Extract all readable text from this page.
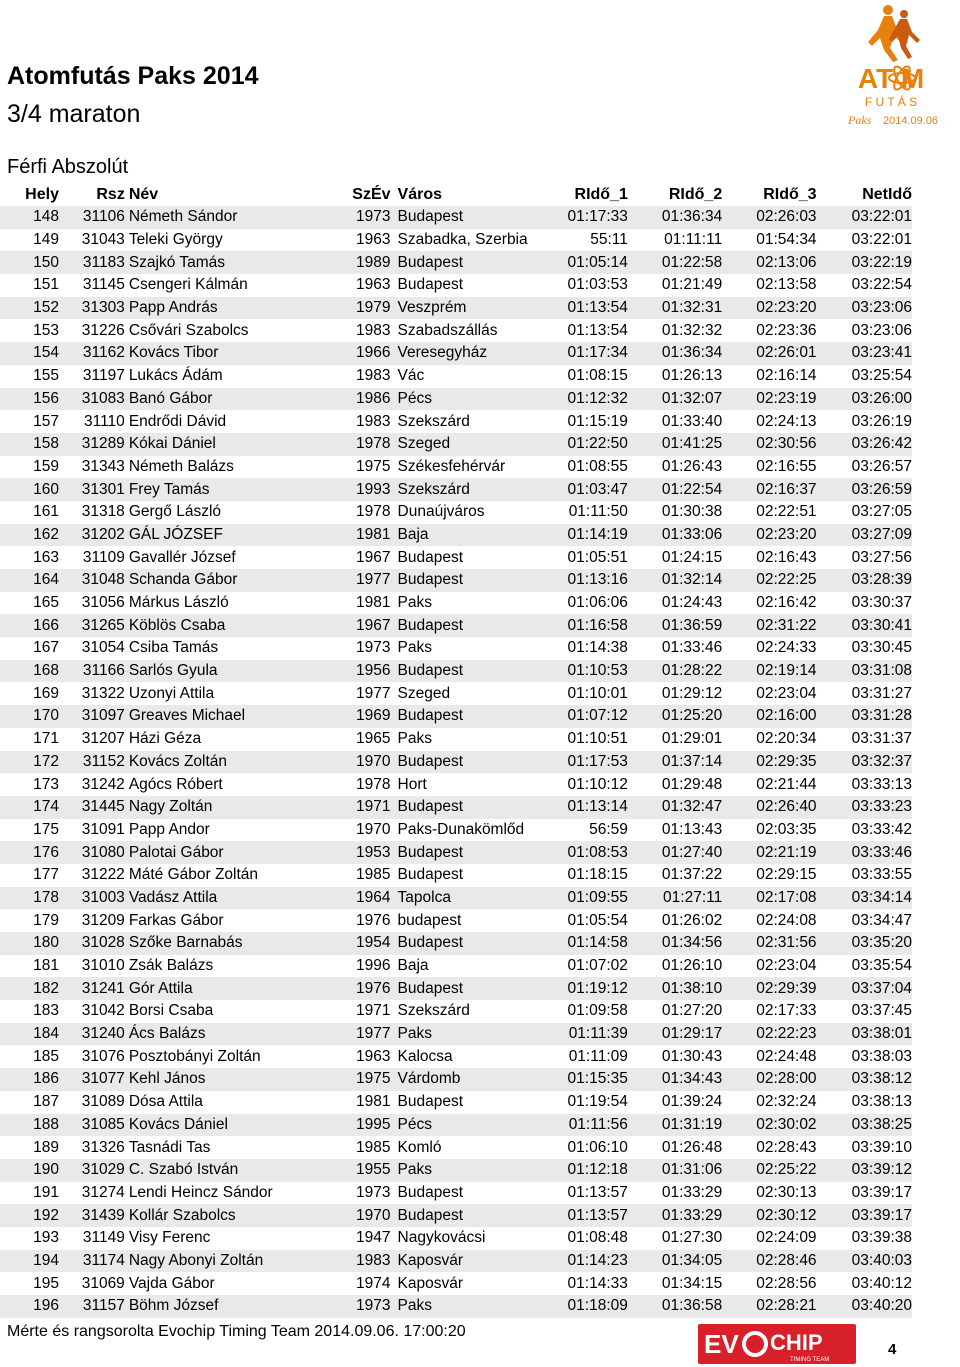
Atomfutás Paks 2014
3/4 maraton
Férfi Abszolút
AT M
F U T Á S
Paks 2014.09.06
Hely	Rsz	Név	SzÉv	Város	RIdő_1	RIdő_2	RIdő_3	NetIdő
148	31106	Németh Sándor	1973	Budapest	01:17:33	01:36:34	02:26:03	03:22:01
149	31043	Teleki György	1963	Szabadka, Szerbia	55:11	01:11:11	01:54:34	03:22:01
150	31183	Szajkó Tamás	1989	Budapest	01:05:14	01:22:58	02:13:06	03:22:19
151	31145	Csengeri Kálmán	1963	Budapest	01:03:53	01:21:49	02:13:58	03:22:54
152	31303	Papp András	1979	Veszprém	01:13:54	01:32:31	02:23:20	03:23:06
153	31226	Csővári Szabolcs	1983	Szabadszállás	01:13:54	01:32:32	02:23:36	03:23:06
154	31162	Kovács Tibor	1966	Veresegyház	01:17:34	01:36:34	02:26:01	03:23:41
155	31197	Lukács Ádám	1983	Vác	01:08:15	01:26:13	02:16:14	03:25:54
156	31083	Banó Gábor	1986	Pécs	01:12:32	01:32:07	02:23:19	03:26:00
157	31110	Endrődi Dávid	1983	Szekszárd	01:15:19	01:33:40	02:24:13	03:26:19
158	31289	Kókai Dániel	1978	Szeged	01:22:50	01:41:25	02:30:56	03:26:42
159	31343	Németh Balázs	1975	Székesfehérvár	01:08:55	01:26:43	02:16:55	03:26:57
160	31301	Frey Tamás	1993	Szekszárd	01:03:47	01:22:54	02:16:37	03:26:59
161	31318	Gergő László	1978	Dunaújváros	01:11:50	01:30:38	02:22:51	03:27:05
162	31202	GÁL JÓZSEF	1981	Baja	01:14:19	01:33:06	02:23:20	03:27:09
163	31109	Gavallér József	1967	Budapest	01:05:51	01:24:15	02:16:43	03:27:56
164	31048	Schanda Gábor	1977	Budapest	01:13:16	01:32:14	02:22:25	03:28:39
165	31056	Márkus László	1981	Paks	01:06:06	01:24:43	02:16:42	03:30:37
166	31265	Köblös Csaba	1967	Budapest	01:16:58	01:36:59	02:31:22	03:30:41
167	31054	Csiba Tamás	1973	Paks	01:14:38	01:33:46	02:24:33	03:30:45
168	31166	Sarlós Gyula	1956	Budapest	01:10:53	01:28:22	02:19:14	03:31:08
169	31322	Uzonyi Attila	1977	Szeged	01:10:01	01:29:12	02:23:04	03:31:27
170	31097	Greaves Michael	1969	Budapest	01:07:12	01:25:20	02:16:00	03:31:28
171	31207	Házi Géza	1965	Paks	01:10:51	01:29:01	02:20:34	03:31:37
172	31152	Kovács Zoltán	1970	Budapest	01:17:53	01:37:14	02:29:35	03:32:37
173	31242	Agócs Róbert	1978	Hort	01:10:12	01:29:48	02:21:44	03:33:13
174	31445	Nagy Zoltán	1971	Budapest	01:13:14	01:32:47	02:26:40	03:33:23
175	31091	Papp Andor	1970	Paks-Dunakömlőd	56:59	01:13:43	02:03:35	03:33:42
176	31080	Palotai Gábor	1953	Budapest	01:08:53	01:27:40	02:21:19	03:33:46
177	31222	Máté Gábor Zoltán	1985	Budapest	01:18:15	01:37:22	02:29:15	03:33:55
178	31003	Vadász Attila	1964	Tapolca	01:09:55	01:27:11	02:17:08	03:34:14
179	31209	Farkas Gábor	1976	budapest	01:05:54	01:26:02	02:24:08	03:34:47
180	31028	Szőke Barnabás	1954	Budapest	01:14:58	01:34:56	02:31:56	03:35:20
181	31010	Zsák Balázs	1996	Baja	01:07:02	01:26:10	02:23:04	03:35:54
182	31241	Gór Attila	1976	Budapest	01:19:12	01:38:10	02:29:39	03:37:04
183	31042	Borsi Csaba	1971	Szekszárd	01:09:58	01:27:20	02:17:33	03:37:45
184	31240	Ács Balázs	1977	Paks	01:11:39	01:29:17	02:22:23	03:38:01
185	31076	Posztobányi Zoltán	1963	Kalocsa	01:11:09	01:30:43	02:24:48	03:38:03
186	31077	Kehl János	1975	Várdomb	01:15:35	01:34:43	02:28:00	03:38:12
187	31089	Dósa Attila	1981	Budapest	01:19:54	01:39:24	02:32:24	03:38:13
188	31085	Kovács Dániel	1995	Pécs	01:11:56	01:31:19	02:30:02	03:38:25
189	31326	Tasnádi Tas	1985	Komló	01:06:10	01:26:48	02:28:43	03:39:10
190	31029	C. Szabó István	1955	Paks	01:12:18	01:31:06	02:25:22	03:39:12
191	31274	Lendi Heincz Sándor	1973	Budapest	01:13:57	01:33:29	02:30:13	03:39:17
192	31439	Kollár Szabolcs	1970	Budapest	01:13:57	01:33:29	02:30:12	03:39:17
193	31149	Visy Ferenc	1947	Nagykovácsi	01:08:48	01:27:30	02:24:09	03:39:38
194	31174	Nagy Abonyi Zoltán	1983	Kaposvár	01:14:23	01:34:05	02:28:46	03:40:03
195	31069	Vajda Gábor	1974	Kaposvár	01:14:33	01:34:15	02:28:56	03:40:12
196	31157	Böhm József	1973	Paks	01:18:09	01:36:58	02:28:21	03:40:20
Mérte és rangsorolta Evochip Timing Team 2014.09.06. 17:00:20	EV CHIP
TIMING TEAM
4
